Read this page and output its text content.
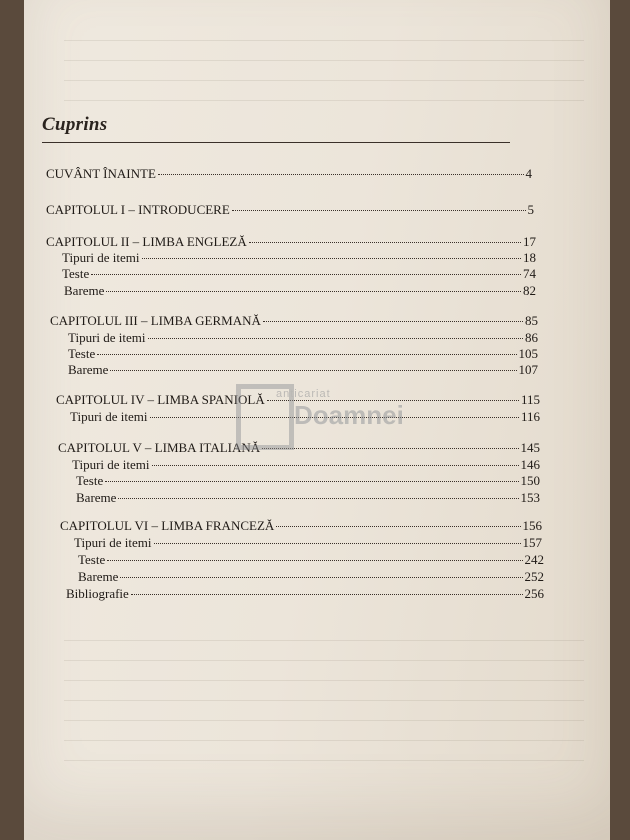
Cuprins
CUVÂNT ÎNAINTE	4
CAPITOLUL I – INTRODUCERE	5
CAPITOLUL II – LIMBA ENGLEZĂ	17
Tipuri de itemi	18
Teste	74
Bareme	82
CAPITOLUL III – LIMBA GERMANĂ	85
Tipuri de itemi	86
Teste	105
Bareme	107
CAPITOLUL IV – LIMBA SPANIOLĂ	115
Tipuri de itemi	116
CAPITOLUL V – LIMBA ITALIANĂ	145
Tipuri de itemi	146
Teste	150
Bareme	153
CAPITOLUL VI – LIMBA FRANCEZĂ	156
Tipuri de itemi	157
Teste	242
Bareme	252
Bibliografie	256
anticariat
Doamnei
